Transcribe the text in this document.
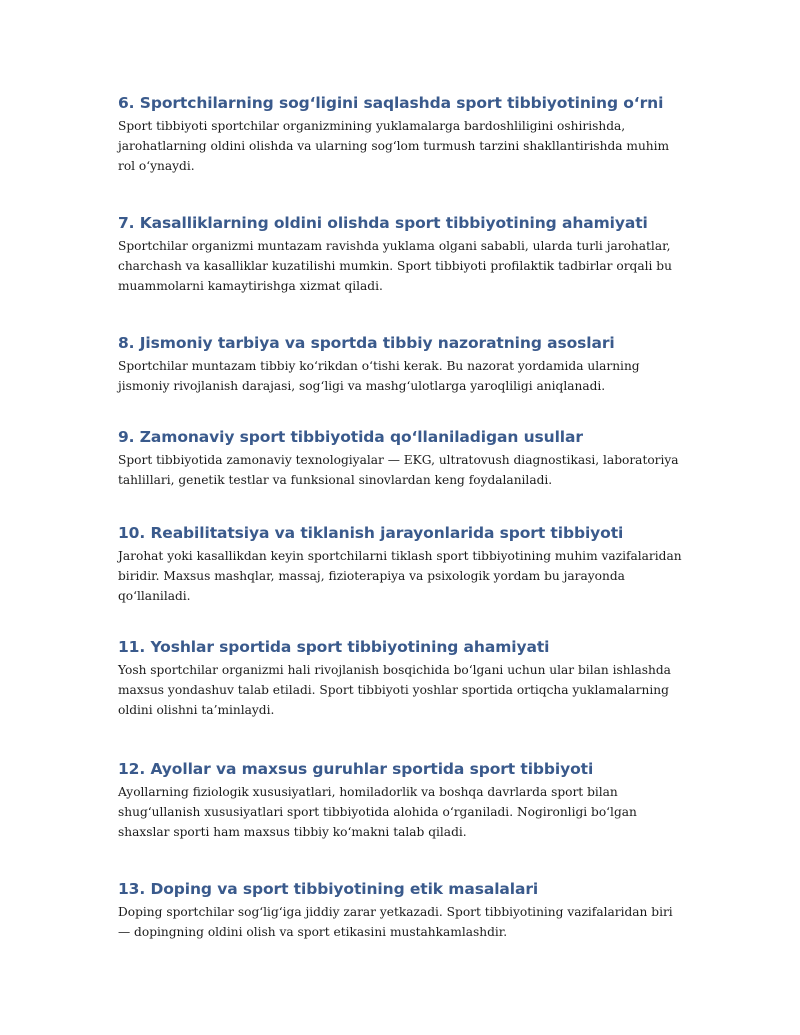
6. Sportchilarning sog‘ligini saqlashda sport tibbiyotining o‘rni

Sport tibbiyoti sportchilar organizmining yuklamalarga bardoshliligini oshirishda, jarohatlarning oldini olishda va ularning sog‘lom turmush tarzini shakllantirishda muhim rol o‘ynaydi.

7. Kasalliklarning oldini olishda sport tibbiyotining ahamiyati

Sportchilar organizmi muntazam ravishda yuklama olgani sababli, ularda turli jarohatlar, charchash va kasalliklar kuzatilishi mumkin. Sport tibbiyoti profilaktik tadbirlar orqali bu muammolarni kamaytirishga xizmat qiladi.

8. Jismoniy tarbiya va sportda tibbiy nazoratning asoslari

Sportchilar muntazam tibbiy ko‘rikdan o‘tishi kerak. Bu nazorat yordamida ularning jismoniy rivojlanish darajasi, sog‘ligi va mashg‘ulotlarga yaroqliligi aniqlanadi.

9. Zamonaviy sport tibbiyotida qo‘llaniladigan usullar

Sport tibbiyotida zamonaviy texnologiyalar — EKG, ultratovush diagnostikasi, laboratoriya tahlillari, genetik testlar va funksional sinovlardan keng foydalaniladi.

10. Reabilitatsiya va tiklanish jarayonlarida sport tibbiyoti

Jarohat yoki kasallikdan keyin sportchilarni tiklash sport tibbiyotining muhim vazifalaridan biridir. Maxsus mashqlar, massaj, fizioterapiya va psixologik yordam bu jarayonda qo‘llaniladi.

11. Yoshlar sportida sport tibbiyotining ahamiyati

Yosh sportchilar organizmi hali rivojlanish bosqichida bo‘lgani uchun ular bilan ishlashda maxsus yondashuv talab etiladi. Sport tibbiyoti yoshlar sportida ortiqcha yuklamalarning oldini olishni ta’minlaydi.

12. Ayollar va maxsus guruhlar sportida sport tibbiyoti

Ayollarning fiziologik xususiyatlari, homiladorlik va boshqa davrlarda sport bilan shug‘ullanish xususiyatlari sport tibbiyotida alohida o‘rganiladi. Nogironligi bo‘lgan shaxslar sporti ham maxsus tibbiy ko‘makni talab qiladi.

13. Doping va sport tibbiyotining etik masalalari

Doping sportchilar sog‘lig‘iga jiddiy zarar yetkazadi. Sport tibbiyotining vazifalaridan biri — dopingning oldini olish va sport etikasini mustahkamlashdir.
